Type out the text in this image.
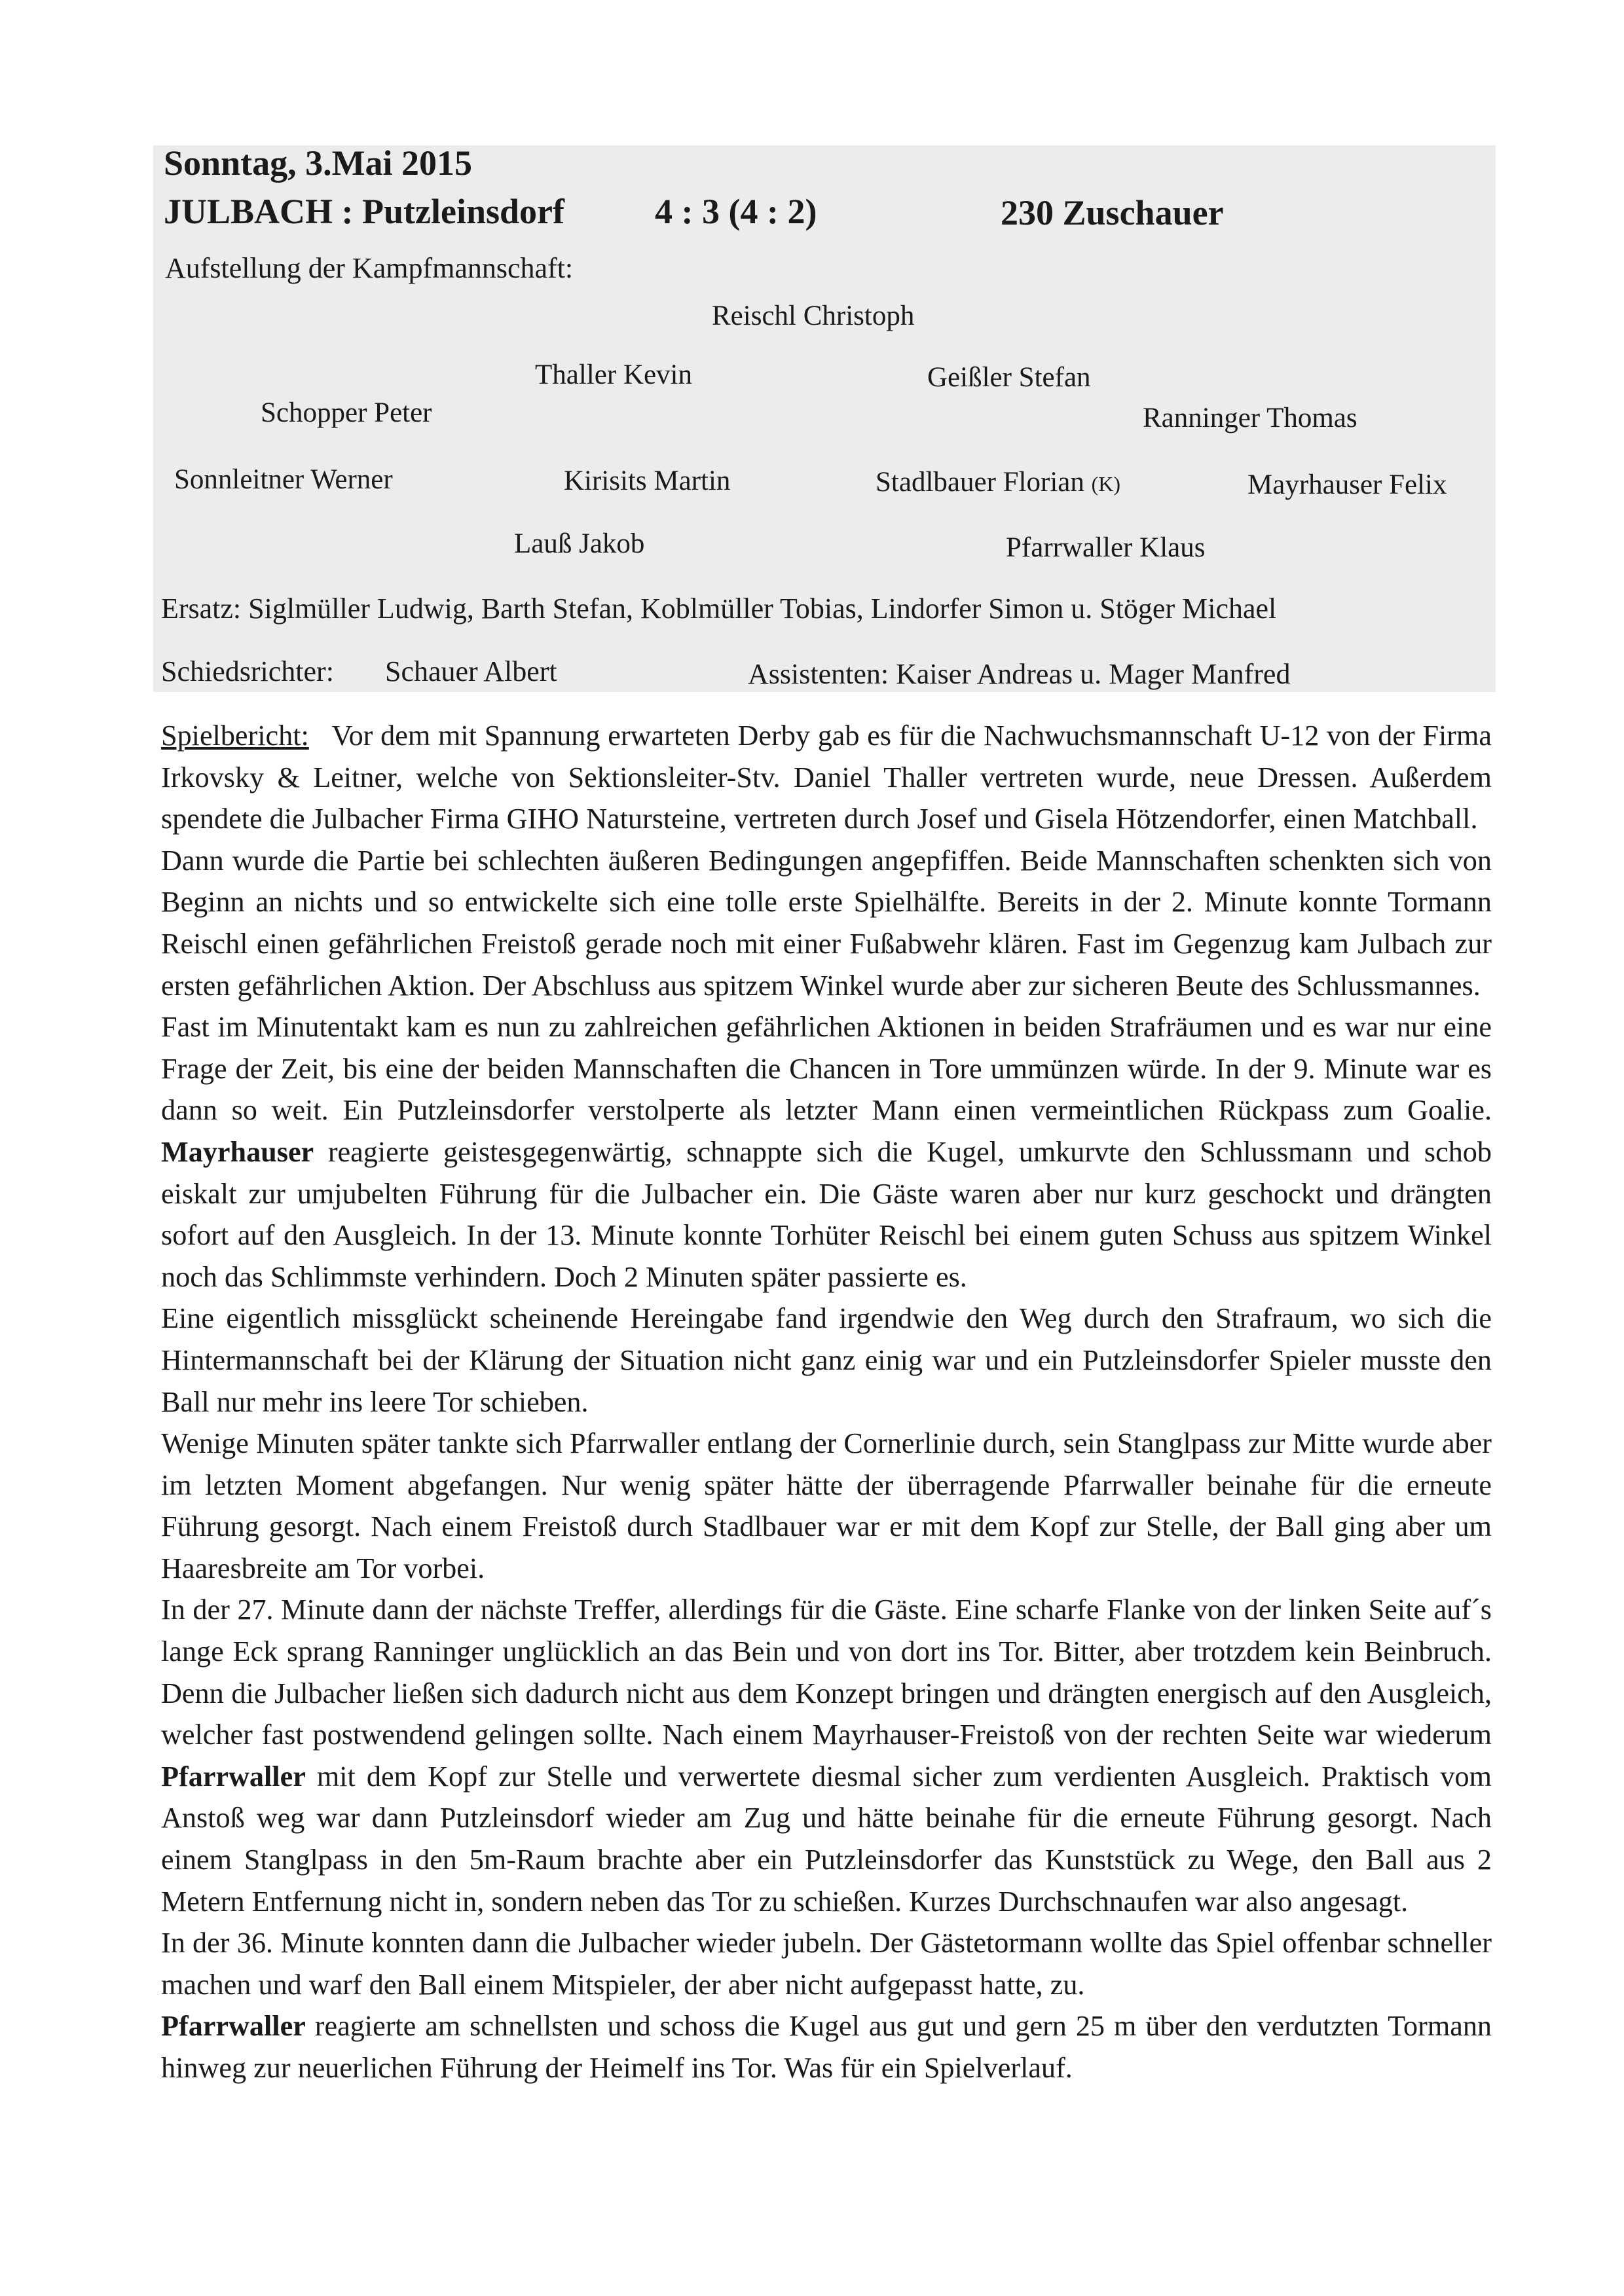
Sonntag, 3.Mai 2015
JULBACH : Putzleinsdorf	4 : 3 (4 : 2)	230 Zuschauer
Aufstellung der Kampfmannschaft:
Reischl Christoph
Thaller Kevin	Geißler Stefan
Schopper Peter	Ranninger Thomas
Sonnleitner Werner	Kirisits Martin	Stadlbauer Florian (K)	Mayrhauser Felix
Lauß Jakob	Pfarrwaller Klaus
Ersatz: Siglmüller Ludwig, Barth Stefan, Koblmüller Tobias, Lindorfer Simon u. Stöger Michael
Schiedsrichter: Schauer Albert	Assistenten: Kaiser Andreas u. Mager Manfred

Spielbericht: Vor dem mit Spannung erwarteten Derby gab es für die Nachwuchsmannschaft U-12 von der Firma Irkovsky & Leitner, welche von Sektionsleiter-Stv. Daniel Thaller vertreten wurde, neue Dressen. Außerdem spendete die Julbacher Firma GIHO Natursteine, vertreten durch Josef und Gisela Hötzendorfer, einen Matchball.

Dann wurde die Partie bei schlechten äußeren Bedingungen angepfiffen. Beide Mannschaften schenkten sich von Beginn an nichts und so entwickelte sich eine tolle erste Spielhälfte. Bereits in der 2. Minute konnte Tormann Reischl einen gefährlichen Freistoß gerade noch mit einer Fußabwehr klären. Fast im Gegenzug kam Julbach zur ersten gefährlichen Aktion. Der Abschluss aus spitzem Winkel wurde aber zur sicheren Beute des Schlussmannes.

Fast im Minutentakt kam es nun zu zahlreichen gefährlichen Aktionen in beiden Strafräumen und es war nur eine Frage der Zeit, bis eine der beiden Mannschaften die Chancen in Tore ummünzen würde. In der 9. Minute war es dann so weit. Ein Putzleinsdorfer verstolperte als letzter Mann einen vermeintlichen Rückpass zum Goalie. Mayrhauser reagierte geistesgegenwärtig, schnappte sich die Kugel, umkurvte den Schlussmann und schob eiskalt zur umjubelten Führung für die Julbacher ein. Die Gäste waren aber nur kurz geschockt und drängten sofort auf den Ausgleich. In der 13. Minute konnte Torhüter Reischl bei einem guten Schuss aus spitzem Winkel noch das Schlimmste verhindern. Doch 2 Minuten später passierte es.

Eine eigentlich missglückt scheinende Hereingabe fand irgendwie den Weg durch den Strafraum, wo sich die Hintermannschaft bei der Klärung der Situation nicht ganz einig war und ein Putzleinsdorfer Spieler musste den Ball nur mehr ins leere Tor schieben.

Wenige Minuten später tankte sich Pfarrwaller entlang der Cornerlinie durch, sein Stanglpass zur Mitte wurde aber im letzten Moment abgefangen. Nur wenig später hätte der überragende Pfarrwaller beinahe für die erneute Führung gesorgt. Nach einem Freistoß durch Stadlbauer war er mit dem Kopf zur Stelle, der Ball ging aber um Haaresbreite am Tor vorbei.

In der 27. Minute dann der nächste Treffer, allerdings für die Gäste. Eine scharfe Flanke von der linken Seite auf´s lange Eck sprang Ranninger unglücklich an das Bein und von dort ins Tor. Bitter, aber trotzdem kein Beinbruch. Denn die Julbacher ließen sich dadurch nicht aus dem Konzept bringen und drängten energisch auf den Ausgleich, welcher fast postwendend gelingen sollte. Nach einem Mayrhauser-Freistoß von der rechten Seite war wiederum Pfarrwaller mit dem Kopf zur Stelle und verwertete diesmal sicher zum verdienten Ausgleich. Praktisch vom Anstoß weg war dann Putzleinsdorf wieder am Zug und hätte beinahe für die erneute Führung gesorgt. Nach einem Stanglpass in den 5m-Raum brachte aber ein Putzleinsdorfer das Kunststück zu Wege, den Ball aus 2 Metern Entfernung nicht in, sondern neben das Tor zu schießen. Kurzes Durchschnaufen war also angesagt.

In der 36. Minute konnten dann die Julbacher wieder jubeln. Der Gästetormann wollte das Spiel offenbar schneller machen und warf den Ball einem Mitspieler, der aber nicht aufgepasst hatte, zu.
Pfarrwaller reagierte am schnellsten und schoss die Kugel aus gut und gern 25 m über den verdutzten Tormann hinweg zur neuerlichen Führung der Heimelf ins Tor. Was für ein Spielverlauf.
